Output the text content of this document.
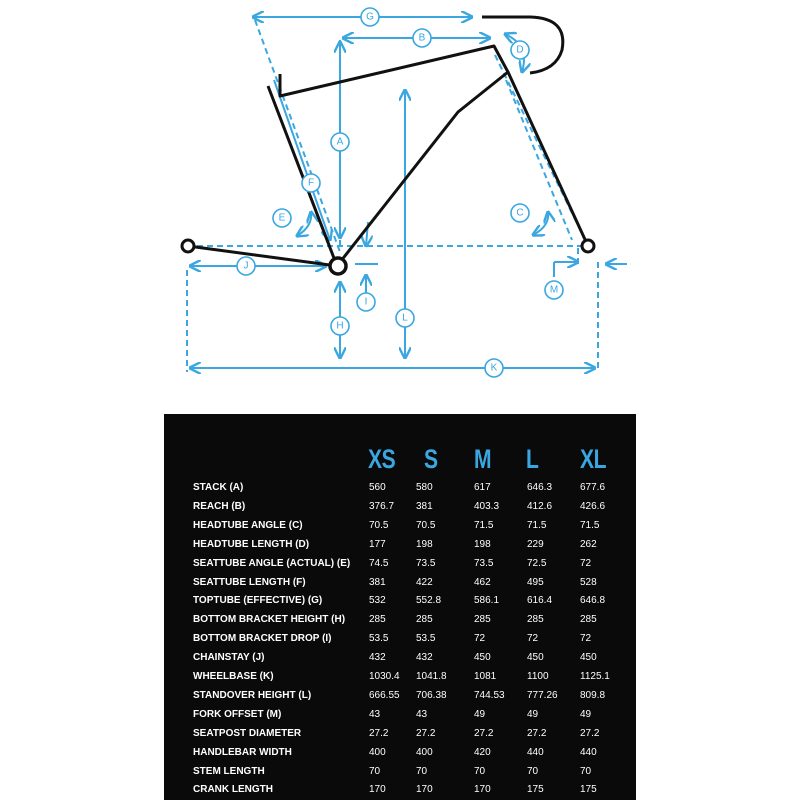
G
B
D
A
F
E	C
J
M
I
L
H
K
XS S M L XL
STACK (A)	560	580	617	646.3	677.6
REACH (B)	376.7 381	403.3	412.6	426.6
HEADTUBE ANGLE (C)	70.5	70.5	71.5	71.5	71.5
HEADTUBE LENGTH (D)	177	198	198	229	262
SEATTUBE ANGLE (ACTUAL) (E) 74.5	73.5	73.5	72.5	72
SEATTUBE LENGTH (F)	381	422	462	495	528
TOPTUBE (EFFECTIVE) (G)	532	552.8	586.1	616.4	646.8
BOTTOM BRACKET HEIGHT (H) 285	285	285	285	285
BOTTOM BRACKET DROP (I)	53.5	53.5	72	72	72
CHAINSTAY (J)	432	432	450	450	450
WHEELBASE (K)	1030.4 1041.8	1081	1100	1125.1
STANDOVER HEIGHT (L)	666.55 706.38	744.53 777.26 809.8
FORK OFFSET (M)	43	43	49	49	49
SEATPOST DIAMETER	27.2	27.2	27.2	27.2	27.2
HANDLEBAR WIDTH	400	400	420	440	440
STEM LENGTH	70	70	70	70	70
CRANK LENGTH	170	170	170	175	175
